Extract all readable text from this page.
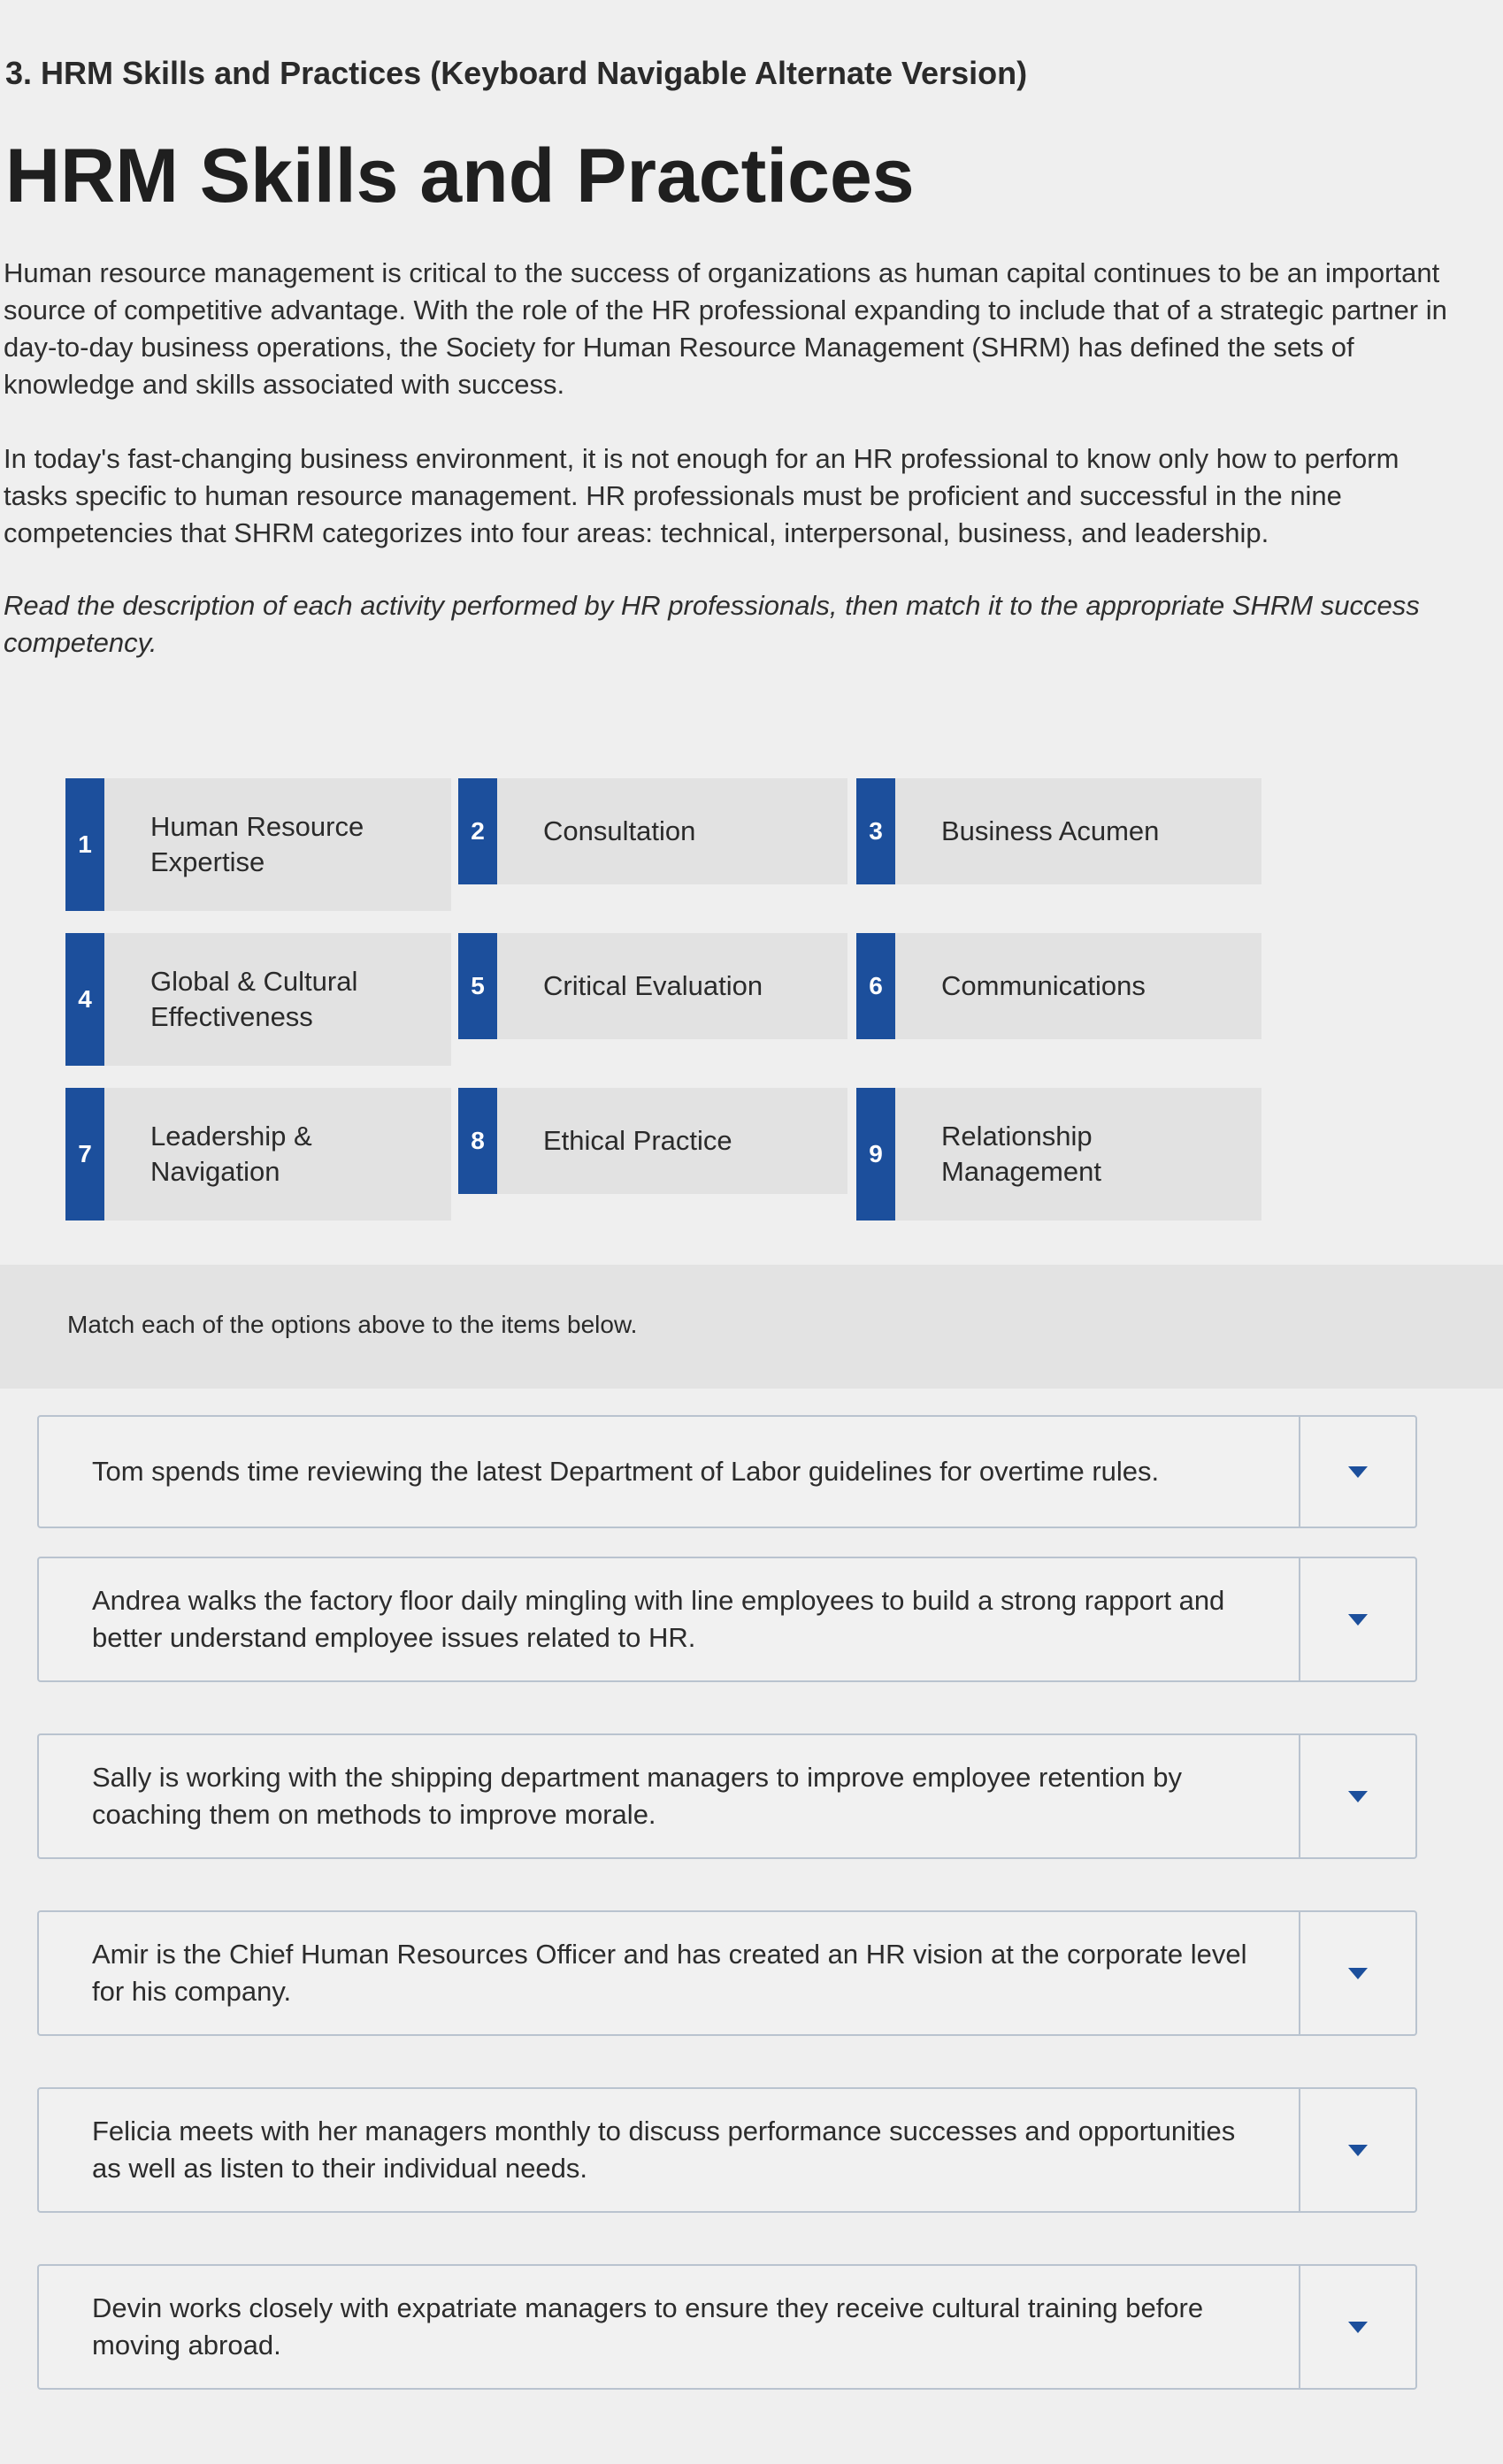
3. HRM Skills and Practices (Keyboard Navigable Alternate Version)
HRM Skills and Practices

Human resource management is critical to the success of organizations as human capital continues to be an important source of competitive advantage. With the role of the HR professional expanding to include that of a strategic partner in day-to-day business operations, the Society for Human Resource Management (SHRM) has defined the sets of knowledge and skills associated with success.

In today's fast-changing business environment, it is not enough for an HR professional to know only how to perform tasks specific to human resource management. HR professionals must be proficient and successful in the nine competencies that SHRM categorizes into four areas: technical, interpersonal, business, and leadership.

Read the description of each activity performed by HR professionals, then match it to the appropriate SHRM success competency.

1
Human Resource
Expertise
2	Consultation	3	Business Acumen
4
Global & Cultural
Effectiveness
5	Critical Evaluation	6	Communications
7
Leadership &
Navigation
8	Ethical Practice	9
Relationship
Management
Match each of the options above to the items below.
Tom spends time reviewing the latest Department of Labor guidelines for overtime rules.
Andrea walks the factory floor daily mingling with line employees to build a strong rapport and better understand employee issues related to HR.
Sally is working with the shipping department managers to improve employee retention by coaching them on methods to improve morale.
Amir is the Chief Human Resources Officer and has created an HR vision at the corporate level for his company.
Felicia meets with her managers monthly to discuss performance successes and opportunities as well as listen to their individual needs.
Devin works closely with expatriate managers to ensure they receive cultural training before moving abroad.
